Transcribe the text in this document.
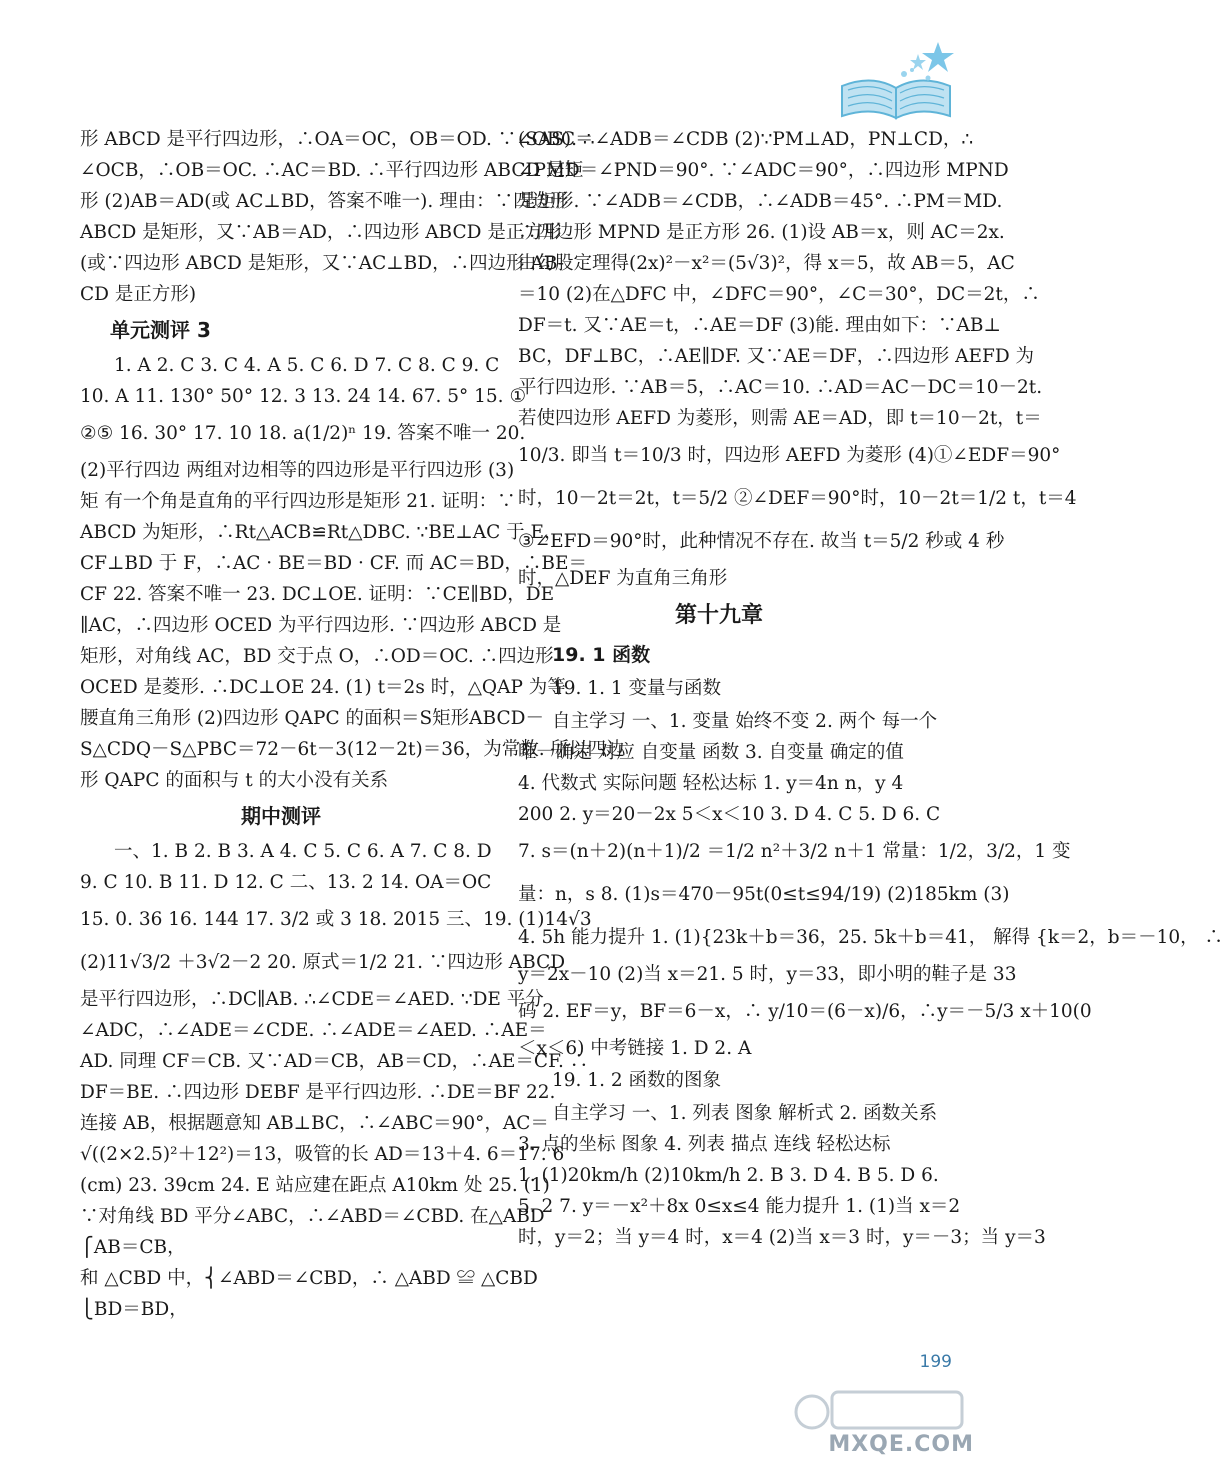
形 ABCD 是平行四边形，∴OA＝OC，OB＝OD. ∵∠OBC＝
∠OCB，∴OB＝OC. ∴AC＝BD. ∴平行四边形 ABCD 是矩
形 (2)AB＝AD(或 AC⊥BD，答案不唯一). 理由：∵四边形
ABCD 是矩形，又∵AB＝AD，∴四边形 ABCD 是正方形
(或∵四边形 ABCD 是矩形，又∵AC⊥BD，∴四边形 AB-
CD 是正方形)
单元测评 3
1. A 2. C 3. C 4. A 5. C 6. D 7. C 8. C 9. C
10. A 11. 130° 50° 12. 3 13. 24 14. 67. 5° 15. ①
②⑤ 16. 30° 17. 10 18. a(1/2)ⁿ 19. 答案不唯一 20.
(2)平行四边 两组对边相等的四边形是平行四边形 (3)
矩 有一个角是直角的平行四边形是矩形 21. 证明：∵
ABCD 为矩形，∴Rt△ACB≌Rt△DBC. ∵BE⊥AC 于 E，
CF⊥BD 于 F，∴AC · BE＝BD · CF. 而 AC＝BD，∴BE＝
CF 22. 答案不唯一 23. DC⊥OE. 证明：∵CE∥BD，DE
∥AC，∴四边形 OCED 为平行四边形. ∵四边形 ABCD 是
矩形，对角线 AC，BD 交于点 O，∴OD＝OC. ∴四边形
OCED 是菱形. ∴DC⊥OE 24. (1) t＝2s 时，△QAP 为等
腰直角三角形 (2)四边形 QAPC 的面积＝S矩形ABCD－
S△CDQ－S△PBC＝72－6t－3(12－2t)＝36，为常数. 所以四边
形 QAPC 的面积与 t 的大小没有关系
期中测评
一、1. B 2. B 3. A 4. C 5. C 6. A 7. C 8. D
9. C 10. B 11. D 12. C 二、13. 2 14. OA＝OC
15. 0. 36 16. 144 17. 3/2 或 3 18. 2015 三、19. (1)14√3
(2)11√3/2 ＋3√2－2 20. 原式＝1/2 21. ∵四边形 ABCD
是平行四边形，∴DC∥AB. ∴∠CDE＝∠AED. ∵DE 平分
∠ADC，∴∠ADE＝∠CDE. ∴∠ADE＝∠AED. ∴AE＝
AD. 同理 CF＝CB. 又∵AD＝CB，AB＝CD，∴AE＝CF. ∴
DF＝BE. ∴四边形 DEBF 是平行四边形. ∴DE＝BF 22.
连接 AB，根据题意知 AB⊥BC，∴∠ABC＝90°，AC＝
√((2×2.5)²＋12²)＝13，吸管的长 AD＝13＋4. 6＝17. 6
(cm) 23. 39cm 24. E 站应建在距点 A10km 处 25. (1)
∵对角线 BD 平分∠ABC，∴∠ABD＝∠CBD. 在△ABD
⎧AB＝CB，
和 △CBD 中，⎨∠ABD＝∠CBD，∴ △ABD ≌ △CBD
⎩BD＝BD，
(SAS). ∴∠ADB＝∠CDB (2)∵PM⊥AD，PN⊥CD，∴
∠PMD＝∠PND＝90°. ∵∠ADC＝90°，∴四边形 MPND
是矩形. ∵∠ADB＝∠CDB，∴∠ADB＝45°. ∴PM＝MD.
∴四边形 MPND 是正方形 26. (1)设 AB＝x，则 AC＝2x.
由勾股定理得(2x)²－x²＝(5√3)²，得 x＝5，故 AB＝5，AC
＝10 (2)在△DFC 中，∠DFC＝90°，∠C＝30°，DC＝2t，∴
DF＝t. 又∵AE＝t，∴AE＝DF (3)能. 理由如下：∵AB⊥
BC，DF⊥BC，∴AE∥DF. 又∵AE＝DF，∴四边形 AEFD 为
平行四边形. ∵AB＝5，∴AC＝10. ∴AD＝AC－DC＝10－2t.
若使四边形 AEFD 为菱形，则需 AE＝AD，即 t＝10－2t，t＝
10/3. 即当 t＝10/3 时，四边形 AEFD 为菱形 (4)①∠EDF＝90°
时，10－2t＝2t，t＝5/2 ②∠DEF＝90°时，10－2t＝1/2 t，t＝4
③∠EFD＝90°时，此种情况不存在. 故当 t＝5/2 秒或 4 秒
时，△DEF 为直角三角形
第十九章
19. 1 函数
19. 1. 1 变量与函数
自主学习 一、1. 变量 始终不变 2. 两个 每一个
唯一确定 对应 自变量 函数 3. 自变量 确定的值
4. 代数式 实际问题 轻松达标 1. y＝4n n，y 4
200 2. y＝20－2x 5＜x＜10 3. D 4. C 5. D 6. C
7. s＝(n＋2)(n＋1)/2 ＝1/2 n²＋3/2 n＋1 常量：1/2，3/2，1 变
量：n，s 8. (1)s＝470－95t(0≤t≤94/19) (2)185km (3)
4. 5h 能力提升 1. (1){23k＋b＝36，25. 5k＋b＝41， 解得 {k＝2，b＝－10， ∴
y＝2x－10 (2)当 x＝21. 5 时，y＝33，即小明的鞋子是 33
码 2. EF＝y，BF＝6－x，∴ y/10＝(6－x)/6，∴y＝－5/3 x＋10(0
＜x＜6) 中考链接 1. D 2. A
19. 1. 2 函数的图象
自主学习 一、1. 列表 图象 解析式 2. 函数关系
3. 点的坐标 图象 4. 列表 描点 连线 轻松达标
1. (1)20km/h (2)10km/h 2. B 3. D 4. B 5. D 6.
5. 2 7. y＝－x²＋8x 0≤x≤4 能力提升 1. (1)当 x＝2
时，y＝2；当 y＝4 时，x＝4 (2)当 x＝3 时，y＝－3；当 y＝3
199
MXQE.COM
